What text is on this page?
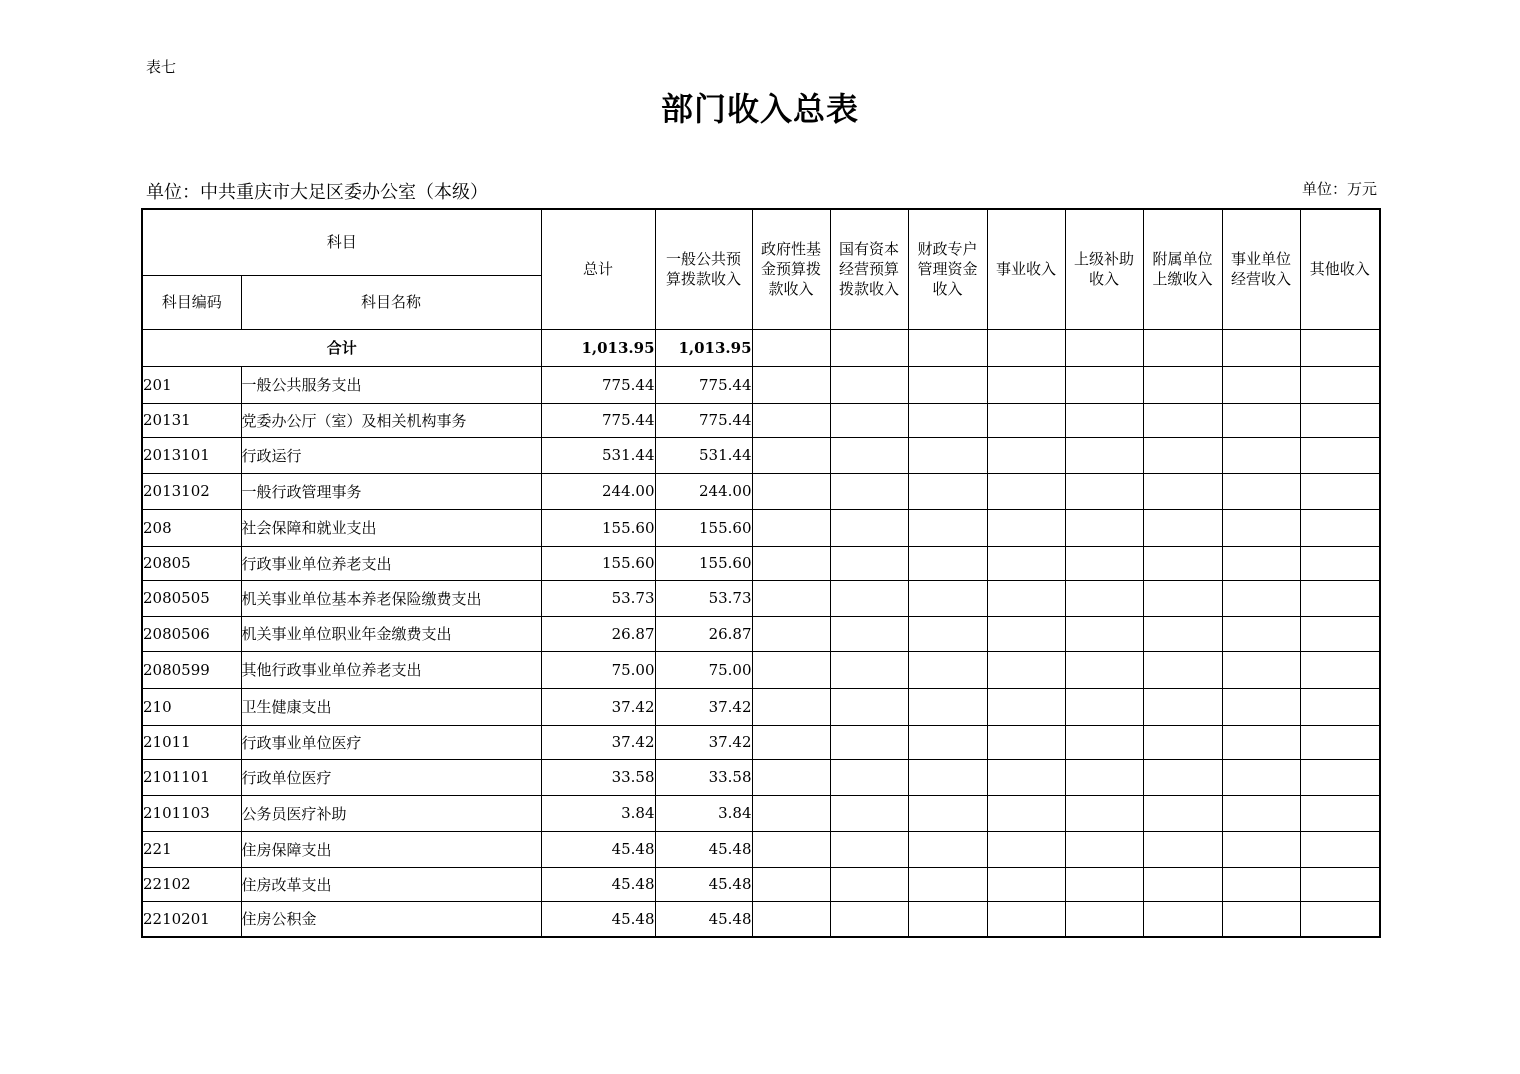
表七
部门收入总表
单位：中共重庆市大足区委办公室（本级）	单位：万元
科目		总计	一般公共预算拨款收入	政府性基金预算拨款收入	国有资本经营预算拨款收入	财政专户管理资金收入	事业收入	上级补助收入	附属单位上缴收入	事业单位经营收入	其他收入
科目编码	科目名称										
合计		1,013.95	1,013.95								
201	一般公共服务支出	775.44	775.44								
20131	党委办公厅（室）及相关机构事务	775.44	775.44								
2013101	行政运行	531.44	531.44								
2013102	一般行政管理事务	244.00	244.00								
208	社会保障和就业支出	155.60	155.60								
20805	行政事业单位养老支出	155.60	155.60								
2080505	机关事业单位基本养老保险缴费支出	53.73	53.73								
2080506	机关事业单位职业年金缴费支出	26.87	26.87								
2080599	其他行政事业单位养老支出	75.00	75.00								
210	卫生健康支出	37.42	37.42								
21011	行政事业单位医疗	37.42	37.42								
2101101	行政单位医疗	33.58	33.58								
2101103	公务员医疗补助	3.84	3.84								
221	住房保障支出	45.48	45.48								
22102	住房改革支出	45.48	45.48								
2210201	住房公积金	45.48	45.48								
